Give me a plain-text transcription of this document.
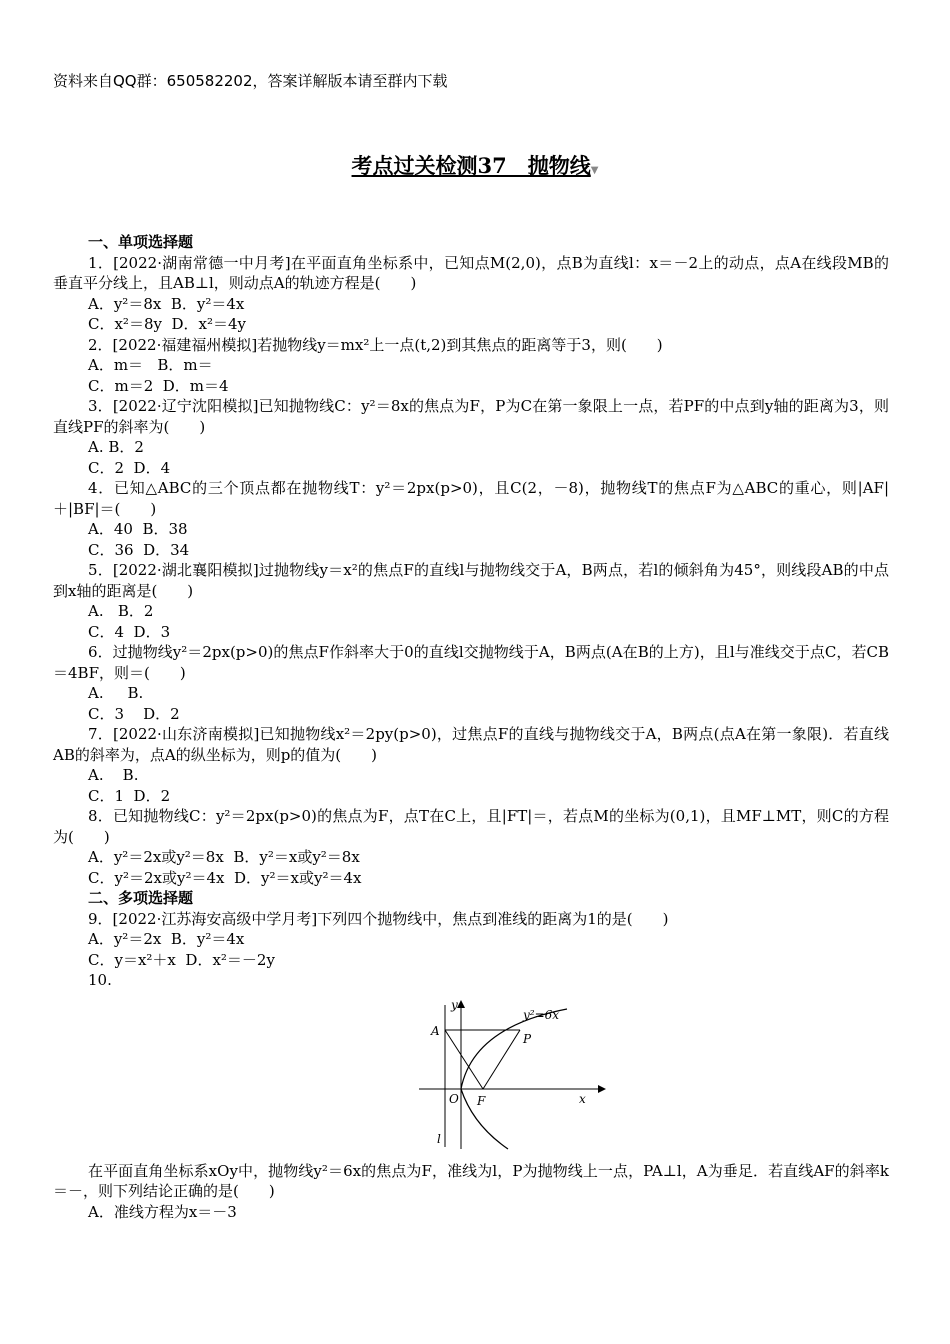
资料来自QQ群：650582202，答案详解版本请至群内下载
考点过关检测37　抛物线▼
一、单项选择题
1．[2022·湖南常德一中月考]在平面直角坐标系中，已知点M(2,0)，点B为直线l：x＝－2上的动点，点A在线段MB的垂直平分线上，且AB⊥l，则动点A的轨迹方程是(　　)
A．y²＝8x  B．y²＝4x
C．x²＝8y  D．x²＝4y
2．[2022·福建福州模拟]若抛物线y＝mx²上一点(t,2)到其焦点的距离等于3，则(　　)
A．m＝   B．m＝
C．m＝2  D．m＝4
3．[2022·辽宁沈阳模拟]已知抛物线C：y²＝8x的焦点为F，P为C在第一象限上一点，若PF的中点到y轴的距离为3，则直线PF的斜率为(　　)
A. B．2
C．2  D．4
4．已知△ABC的三个顶点都在抛物线T：y²＝2px(p>0)，且C(2，－8)，抛物线T的焦点F为△ABC的重心，则|AF|＋|BF|＝(　　)
A．40  B．38
C．36  D．34
5．[2022·湖北襄阳模拟]过抛物线y＝x²的焦点F的直线l与抛物线交于A，B两点，若l的倾斜角为45°，则线段AB的中点到x轴的距离是(　　)
A.   B．2
C．4  D．3
6．过抛物线y²＝2px(p>0)的焦点F作斜率大于0的直线l交抛物线于A，B两点(A在B的上方)，且l与准线交于点C，若CB＝4BF，则＝(　　)
A.     B.
C．3    D．2
7．[2022·山东济南模拟]已知抛物线x²＝2py(p>0)，过焦点F的直线与抛物线交于A，B两点(点A在第一象限)．若直线AB的斜率为，点A的纵坐标为，则p的值为(　　)
A.    B.
C．1  D．2
8．已知抛物线C：y²＝2px(p>0)的焦点为F，点T在C上，且|FT|＝，若点M的坐标为(0,1)，且MF⊥MT，则C的方程为(　　)
A．y²＝2x或y²＝8x  B．y²＝x或y²＝8x
C．y²＝2x或y²＝4x  D．y²＝x或y²＝4x
二、多项选择题
9．[2022·江苏海安高级中学月考]下列四个抛物线中，焦点到准线的距离为1的是(　　)
A．y²＝2x  B．y²＝4x
C．y＝x²＋x  D．x²＝－2y
10.
y
y²=6x
A
P
O F	x
l
在平面直角坐标系xOy中，抛物线y²＝6x的焦点为F，准线为l，P为抛物线上一点，PA⊥l，A为垂足．若直线AF的斜率k＝－，则下列结论正确的是(　　)
A．准线方程为x＝－3
